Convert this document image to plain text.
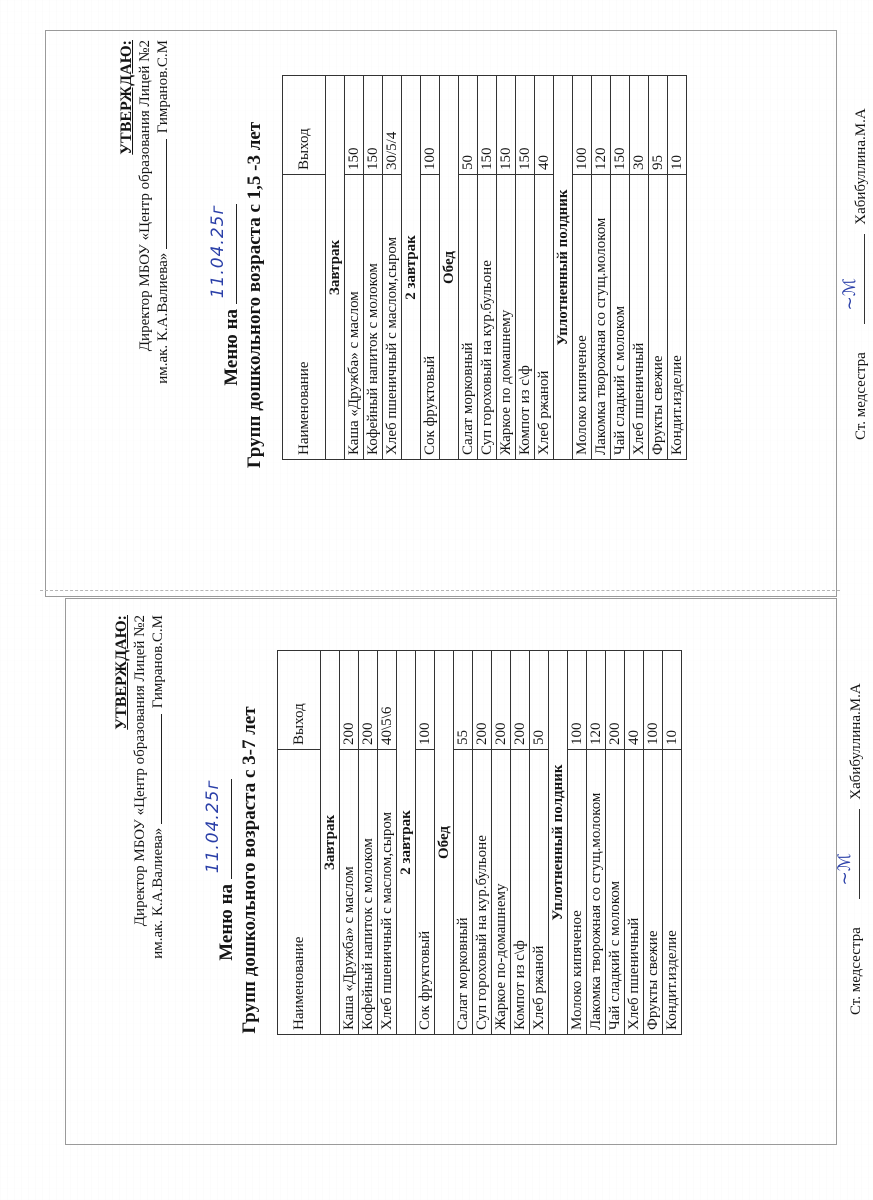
УТВЕРЖДАЮ: Директор МБОУ «Центр образования Лицей №2 им.ак. К.А.Валиева»  Гимранов.С.М
Меню на
11.04.25г Групп дошкольного возраста с 3-7 лет Наименование	Выход
Завтрак	
Каша «Дружба» с маслом	200
Кофейный напиток с молоком	200
Хлеб пшеничный с маслом,сыром	40\5\6
2 завтрак	
Сок фруктовый	100
Обед	
Салат морковный	55
Суп гороховый на кур.бульоне	200
Жаркое по-домашнему	200
Компот из с\ф	200
Хлеб ржаной	50
Уплотненный полдник	
Молоко кипяченое	100
Лакомка творожная со сгущ.молоком	120
Чай сладкий с молоком	200
Хлеб пшеничный	40
Фрукты свежие	100
Кондит.изделие	10
Ст. медсестра
~ℳ
Хабибуллина.М.А
УТВЕРЖДАЮ: Директор МБОУ «Центр образования Лицей №2 им.ак. К.А.Валиева»  Гимранов.С.М
Меню на
11.04.25г Групп дошкольного возраста с 1,5 -3 лет Наименование	Выход
Завтрак	
Каша «Дружба» с маслом	150
Кофейный напиток с молоком	150
Хлеб пшеничный с маслом,сыром	30/5/4
2 завтрак	
Сок фруктовый	100
Обед	
Салат морковный	50
Суп гороховый на кур.бульоне	150
Жаркое по домашнему	150
Компот из с\ф	150
Хлеб ржаной	40
Уплотненный полдник	
Молоко кипяченое	100
Лакомка творожная со сгущ.молоком	120
Чай сладкий с молоком	150
Хлеб пшеничный	30
Фрукты свежие	95
Кондит.изделие	10
Ст. медсестра
~ℳ
Хабибуллина.М.А
